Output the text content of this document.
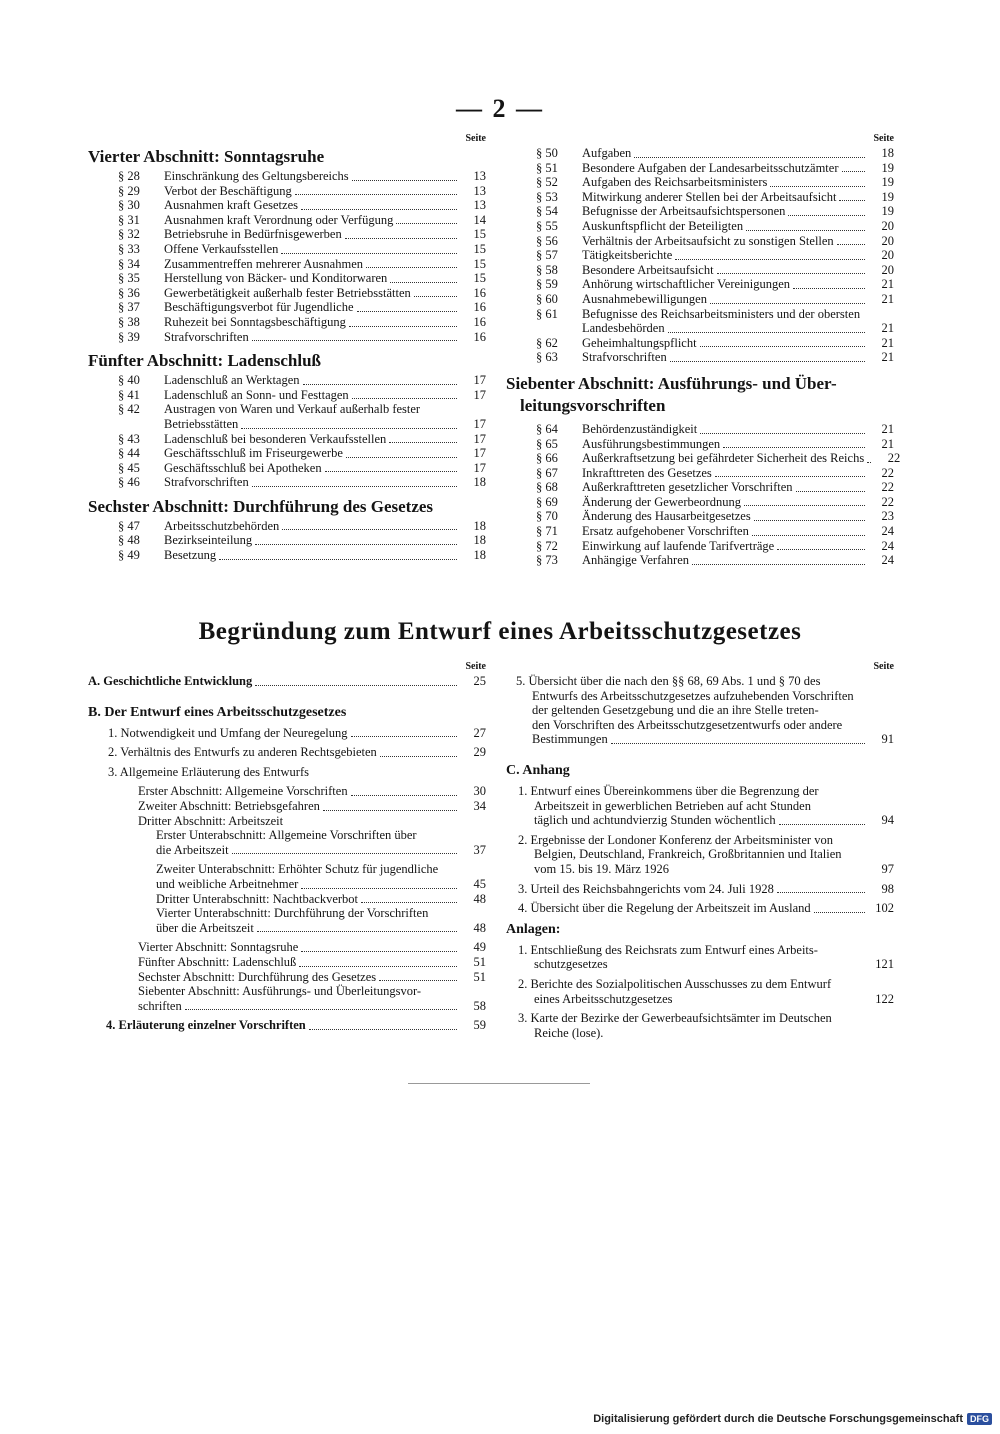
— 2 —
Seite
Vierter Abschnitt: Sonntagsruhe
§ 28	Einschränkung des Geltungsbereichs	13
§ 29	Verbot der Beschäftigung	13
§ 30	Ausnahmen kraft Gesetzes	13
§ 31	Ausnahmen kraft Verordnung oder Verfügung	14
§ 32	Betriebsruhe in Bedürfnisgewerben	15
§ 33	Offene Verkaufsstellen	15
§ 34	Zusammentreffen mehrerer Ausnahmen	15
§ 35	Herstellung von Bäcker- und Konditorwaren	15
§ 36	Gewerbetätigkeit außerhalb fester Betriebsstätten	16
§ 37	Beschäftigungsverbot für Jugendliche	16
§ 38	Ruhezeit bei Sonntagsbeschäftigung	16
§ 39	Strafvorschriften	16
Fünfter Abschnitt: Ladenschluß
§ 40	Ladenschluß an Werktagen	17
§ 41	Ladenschluß an Sonn- und Festtagen	17
§ 42	Austragen von Waren und Verkauf außerhalb fester
Betriebsstätten	17
§ 43	Ladenschluß bei besonderen Verkaufsstellen	17
§ 44	Geschäftsschluß im Friseurgewerbe	17
§ 45	Geschäftsschluß bei Apotheken	17
§ 46	Strafvorschriften	18
Sechster Abschnitt: Durchführung des Gesetzes
§ 47	Arbeitsschutzbehörden	18
§ 48	Bezirkseinteilung	18
§ 49	Besetzung	18
Seite
§ 50	Aufgaben	18
§ 51	Besondere Aufgaben der Landesarbeitsschutzämter	19
§ 52	Aufgaben des Reichsarbeitsministers	19
§ 53	Mitwirkung anderer Stellen bei der Arbeitsaufsicht	19
§ 54	Befugnisse der Arbeitsaufsichtspersonen	19
§ 55	Auskunftspflicht der Beteiligten	20
§ 56	Verhältnis der Arbeitsaufsicht zu sonstigen Stellen	20
§ 57	Tätigkeitsberichte	20
§ 58	Besondere Arbeitsaufsicht	20
§ 59	Anhörung wirtschaftlicher Vereinigungen	21
§ 60	Ausnahmebewilligungen	21
§ 61	Befugnisse des Reichsarbeitsministers und der obersten
Landesbehörden	21
§ 62	Geheimhaltungspflicht	21
§ 63	Strafvorschriften	21
Siebenter Abschnitt: Ausführungs- und Über-
leitungsvorschriften
§ 64	Behördenzuständigkeit	21
§ 65	Ausführungsbestimmungen	21
§ 66	Außerkraftsetzung bei gefährdeter Sicherheit des Reichs	22
§ 67	Inkrafttreten des Gesetzes	22
§ 68	Außerkrafttreten gesetzlicher Vorschriften	22
§ 69	Änderung der Gewerbeordnung	22
§ 70	Änderung des Hausarbeitgesetzes	23
§ 71	Ersatz aufgehobener Vorschriften	24
§ 72	Einwirkung auf laufende Tarifverträge	24
§ 73	Anhängige Verfahren	24
Begründung zum Entwurf eines Arbeitsschutzgesetzes
Seite
A. Geschichtliche Entwicklung	25
B. Der Entwurf eines Arbeitsschutzgesetzes
1. Notwendigkeit und Umfang der Neuregelung	27
2. Verhältnis des Entwurfs zu anderen Rechtsgebieten	29
3. Allgemeine Erläuterung des Entwurfs
Erster Abschnitt: Allgemeine Vorschriften	30
Zweiter Abschnitt: Betriebsgefahren	34
Dritter Abschnitt: Arbeitszeit
Erster Unterabschnitt: Allgemeine Vorschriften über
die Arbeitszeit	37
Zweiter Unterabschnitt: Erhöhter Schutz für jugendliche
und weibliche Arbeitnehmer	45
Dritter Unterabschnitt: Nachtbackverbot	48
Vierter Unterabschnitt: Durchführung der Vorschriften
über die Arbeitszeit	48
Vierter Abschnitt: Sonntagsruhe	49
Fünfter Abschnitt: Ladenschluß	51
Sechster Abschnitt: Durchführung des Gesetzes	51
Siebenter Abschnitt: Ausführungs- und Überleitungsvor-
schriften	58
4. Erläuterung einzelner Vorschriften	59
Seite
5. Übersicht über die nach den §§ 68, 69 Abs. 1 und § 70 des
Entwurfs des Arbeitsschutzgesetzes aufzuhebenden Vorschriften
der geltenden Gesetzgebung und die an ihre Stelle treten-
den Vorschriften des Arbeitsschutzgesetzentwurfs oder andere
Bestimmungen	91
C. Anhang
1. Entwurf eines Übereinkommens über die Begrenzung der
Arbeitszeit in gewerblichen Betrieben auf acht Stunden
täglich und achtundvierzig Stunden wöchentlich	94
2. Ergebnisse der Londoner Konferenz der Arbeitsminister von
Belgien, Deutschland, Frankreich, Großbritannien und Italien
vom 15. bis 19. März 1926	97
3. Urteil des Reichsbahngerichts vom 24. Juli 1928	98
4. Übersicht über die Regelung der Arbeitszeit im Ausland	102
Anlagen:
1. Entschließung des Reichsrats zum Entwurf eines Arbeits-
schutzgesetzes	121
2. Berichte des Sozialpolitischen Ausschusses zu dem Entwurf
eines Arbeitsschutzgesetzes	122
3. Karte der Bezirke der Gewerbeaufsichtsämter im Deutschen
Reiche (lose).
Digitalisierung gefördert durch die Deutsche Forschungsgemeinschaft DFG
